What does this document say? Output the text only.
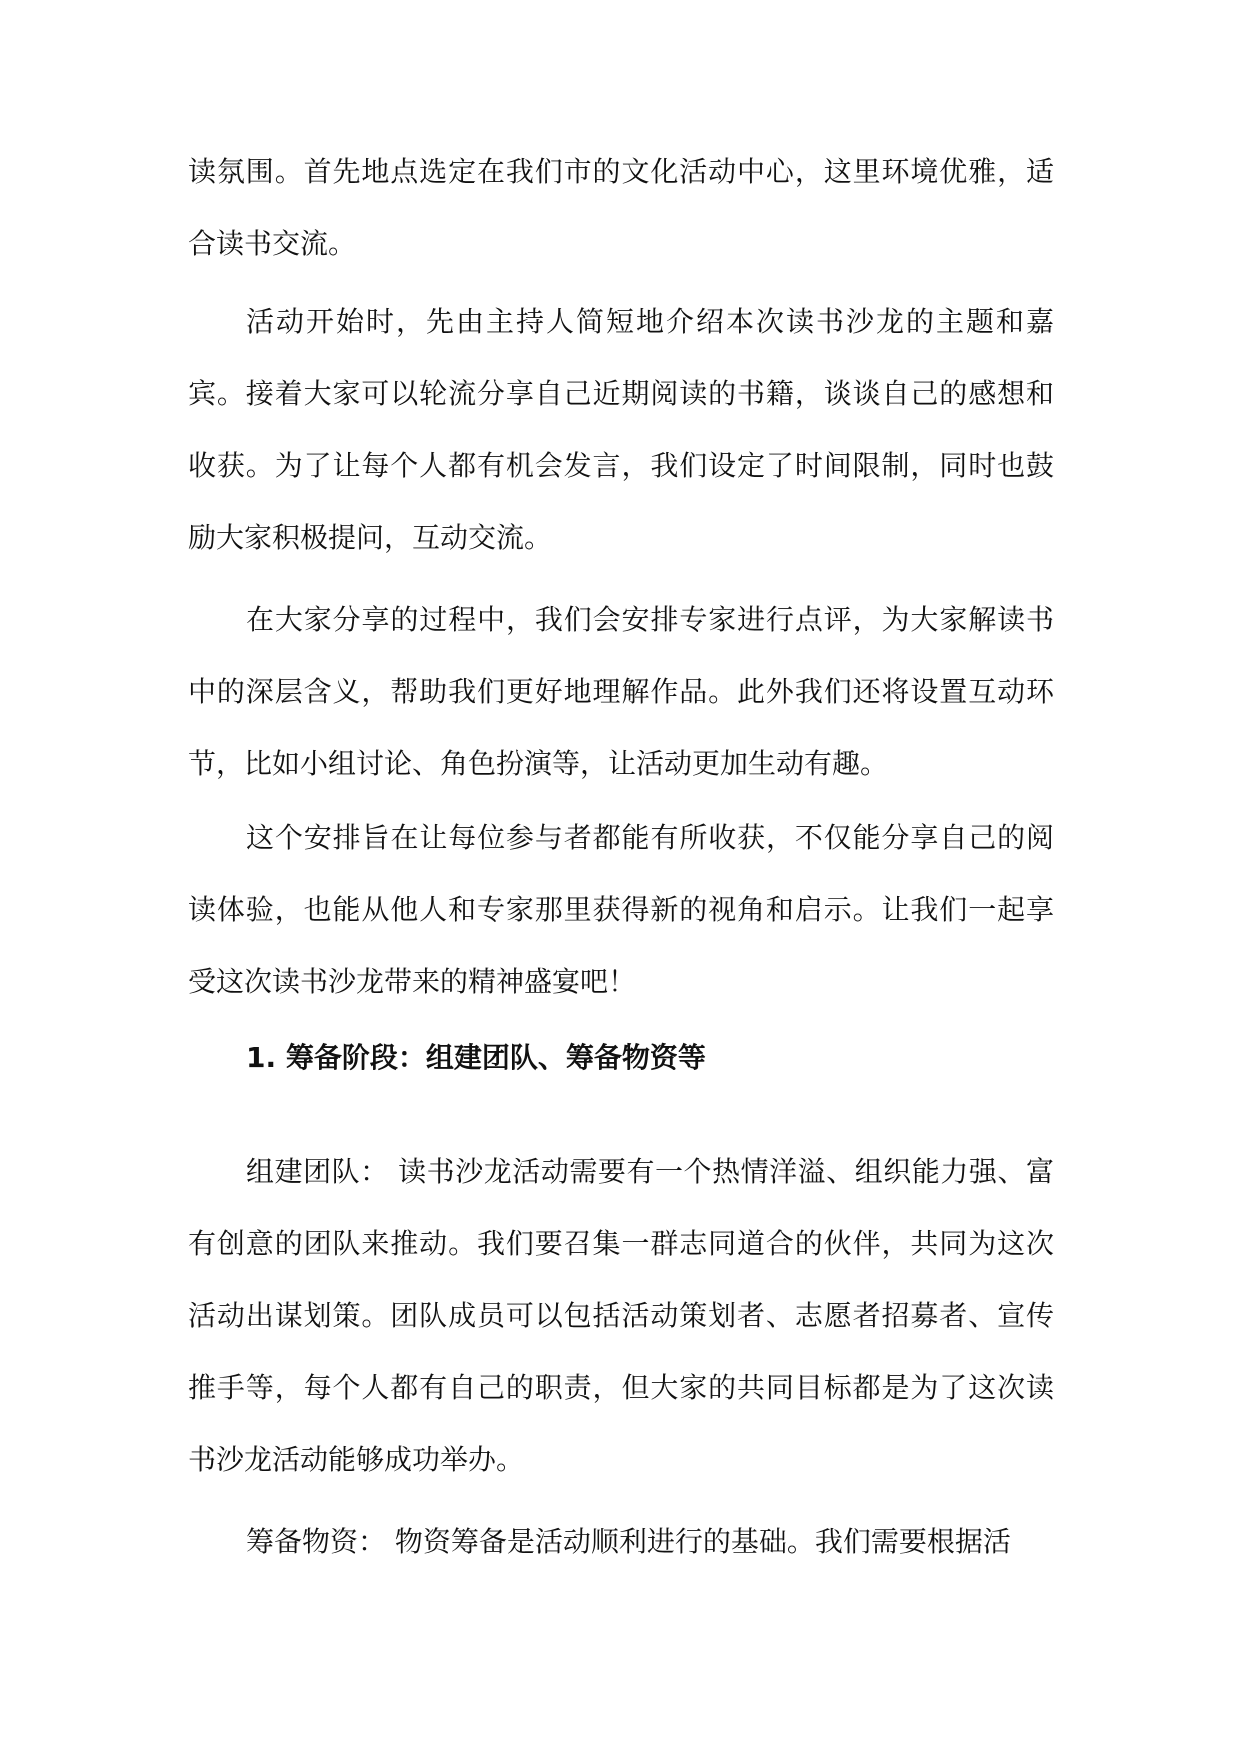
读氛围。首先地点选定在我们市的文化活动中心，这里环境优雅，适合读书交流。
活动开始时，先由主持人简短地介绍本次读书沙龙的主题和嘉宾。接着大家可以轮流分享自己近期阅读的书籍，谈谈自己的感想和收获。为了让每个人都有机会发言，我们设定了时间限制，同时也鼓励大家积极提问，互动交流。
在大家分享的过程中，我们会安排专家进行点评，为大家解读书中的深层含义，帮助我们更好地理解作品。此外我们还将设置互动环节，比如小组讨论、角色扮演等，让活动更加生动有趣。
这个安排旨在让每位参与者都能有所收获，不仅能分享自己的阅读体验，也能从他人和专家那里获得新的视角和启示。让我们一起享受这次读书沙龙带来的精神盛宴吧！
1. 筹备阶段：组建团队、筹备物资等
组建团队： 读书沙龙活动需要有一个热情洋溢、组织能力强、富有创意的团队来推动。我们要召集一群志同道合的伙伴，共同为这次活动出谋划策。团队成员可以包括活动策划者、志愿者招募者、宣传推手等，每个人都有自己的职责，但大家的共同目标都是为了这次读书沙龙活动能够成功举办。
筹备物资： 物资筹备是活动顺利进行的基础。我们需要根据活
